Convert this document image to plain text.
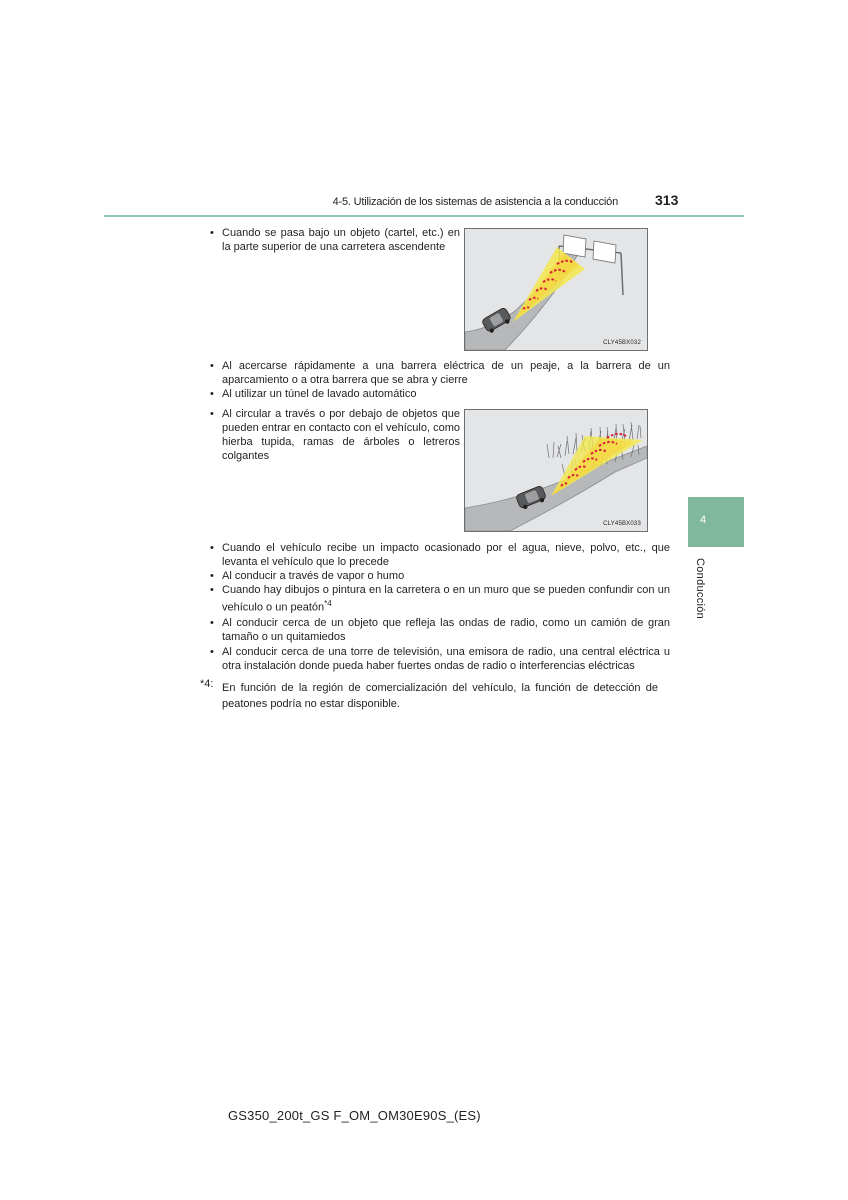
4-5. Utilización de los sistemas de asistencia a la conducción	313
4
Conducción
• Cuando se pasa bajo un objeto (cartel, etc.) en la parte superior de una carretera ascendente
CLY45BX032
• Al acercarse rápidamente a una barrera eléctrica de un peaje, a la barrera de un aparcamiento o a otra barrera que se abra y cierre
• Al utilizar un túnel de lavado automático
• Al circular a través o por debajo de objetos que pueden entrar en contacto con el vehículo, como hierba tupida, ramas de árboles o letreros colgantes
CLY45BX033
• Cuando el vehículo recibe un impacto ocasionado por el agua, nieve, polvo, etc., que levanta el vehículo que lo precede
• Al conducir a través de vapor o humo
• Cuando hay dibujos o pintura en la carretera o en un muro que se pueden confundir con un vehículo o un peatón$^{*4}$
• Al conducir cerca de un objeto que refleja las ondas de radio, como un camión de gran tamaño o un quitamiedos
• Al conducir cerca de una torre de televisión, una emisora de radio, una central eléctrica u otra instalación donde pueda haber fuertes ondas de radio o interferencias eléctricas
*4: En función de la región de comercialización del vehículo, la función de detección de peatones podría no estar disponible.
GS350_200t_GS F_OM_OM30E90S_(ES)
